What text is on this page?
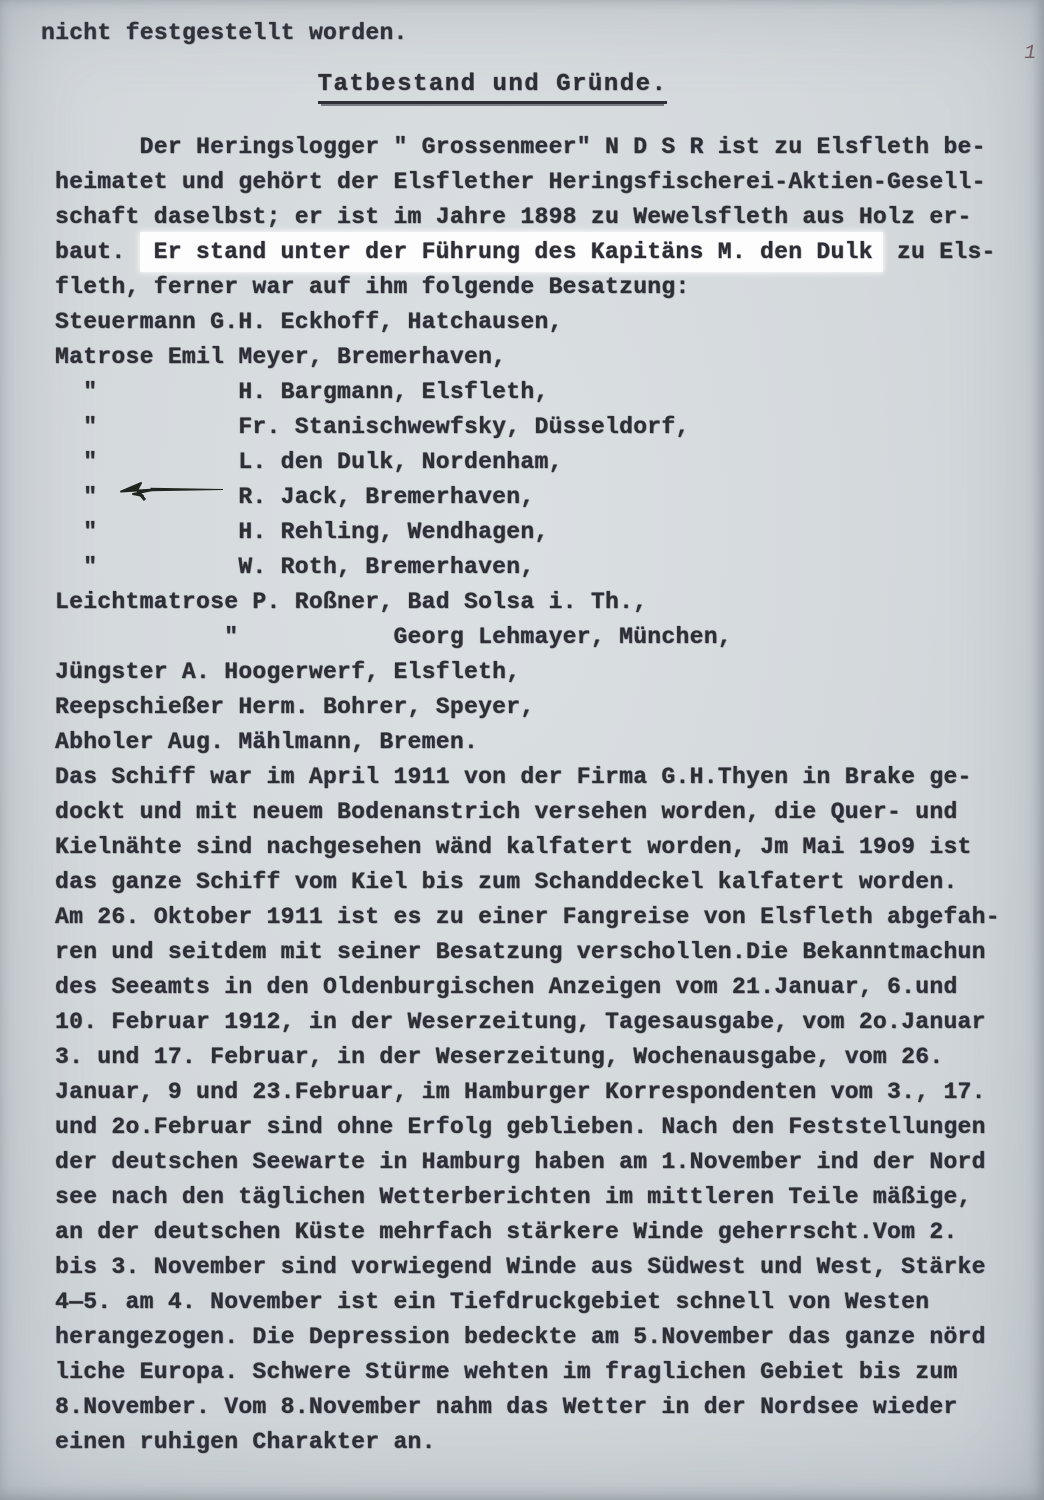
1
nicht festgestellt worden.
Tatbestand und Gründe.
Der Heringslogger " Grossenmeer" N D S R ist zu Elsfleth be-
heimatet und gehört der Elsflether Heringsfischerei-Aktien-Gesell-
schaft daselbst; er ist im Jahre 1898 zu Wewelsfleth aus Holz er-
baut. Er stand unter der Führung des Kapitäns M. den Dulk zu Els-
fleth, ferner war auf ihm folgende Besatzung:
Steuermann G.H. Eckhoff, Hatchausen,
Matrose Emil Meyer, Bremerhaven,
"          H. Bargmann, Elsfleth,
"          Fr. Stanischwewfsky, Düsseldorf,
"          L. den Dulk, Nordenham,

"          R. Jack, Bremerhaven,
"          H. Rehling, Wendhagen,
"          W. Roth, Bremerhaven,
Leichtmatrose P. Roßner, Bad Solsa i. Th.,
"           Georg Lehmayer, München,
Jüngster A. Hoogerwerf, Elsfleth,
Reepschießer Herm. Bohrer, Speyer,
Abholer Aug. Mählmann, Bremen.
Das Schiff war im April 1911 von der Firma G.H.Thyen in Brake ge-
dockt und mit neuem Bodenanstrich versehen worden, die Quer- und
Kielnähte sind nachgesehen wänd kalfatert worden, Jm Mai 19o9 ist
das ganze Schiff vom Kiel bis zum Schanddeckel kalfatert worden.
Am 26. Oktober 1911 ist es zu einer Fangreise von Elsfleth abgefah-
ren und seitdem mit seiner Besatzung verschollen.Die Bekanntmachun
des Seeamts in den Oldenburgischen Anzeigen vom 21.Januar, 6.und
10. Februar 1912, in der Weserzeitung, Tagesausgabe, vom 2o.Januar
3. und 17. Februar, in der Weserzeitung, Wochenausgabe, vom 26.
Januar, 9 und 23.Februar, im Hamburger Korrespondenten vom 3., 17.
und 2o.Februar sind ohne Erfolg geblieben. Nach den Feststellungen
der deutschen Seewarte in Hamburg haben am 1.November ind der Nord
see nach den täglichen Wetterberichten im mittleren Teile mäßige,
an der deutschen Küste mehrfach stärkere Winde geherrscht.Vom 2.
bis 3. November sind vorwiegend Winde aus Südwest und West, Stärke
4—5. am 4. November ist ein Tiefdruckgebiet schnell von Westen
herangezogen. Die Depression bedeckte am 5.November das ganze nörd
liche Europa. Schwere Stürme wehten im fraglichen Gebiet bis zum
8.November. Vom 8.November nahm das Wetter in der Nordsee wieder
einen ruhigen Charakter an.
